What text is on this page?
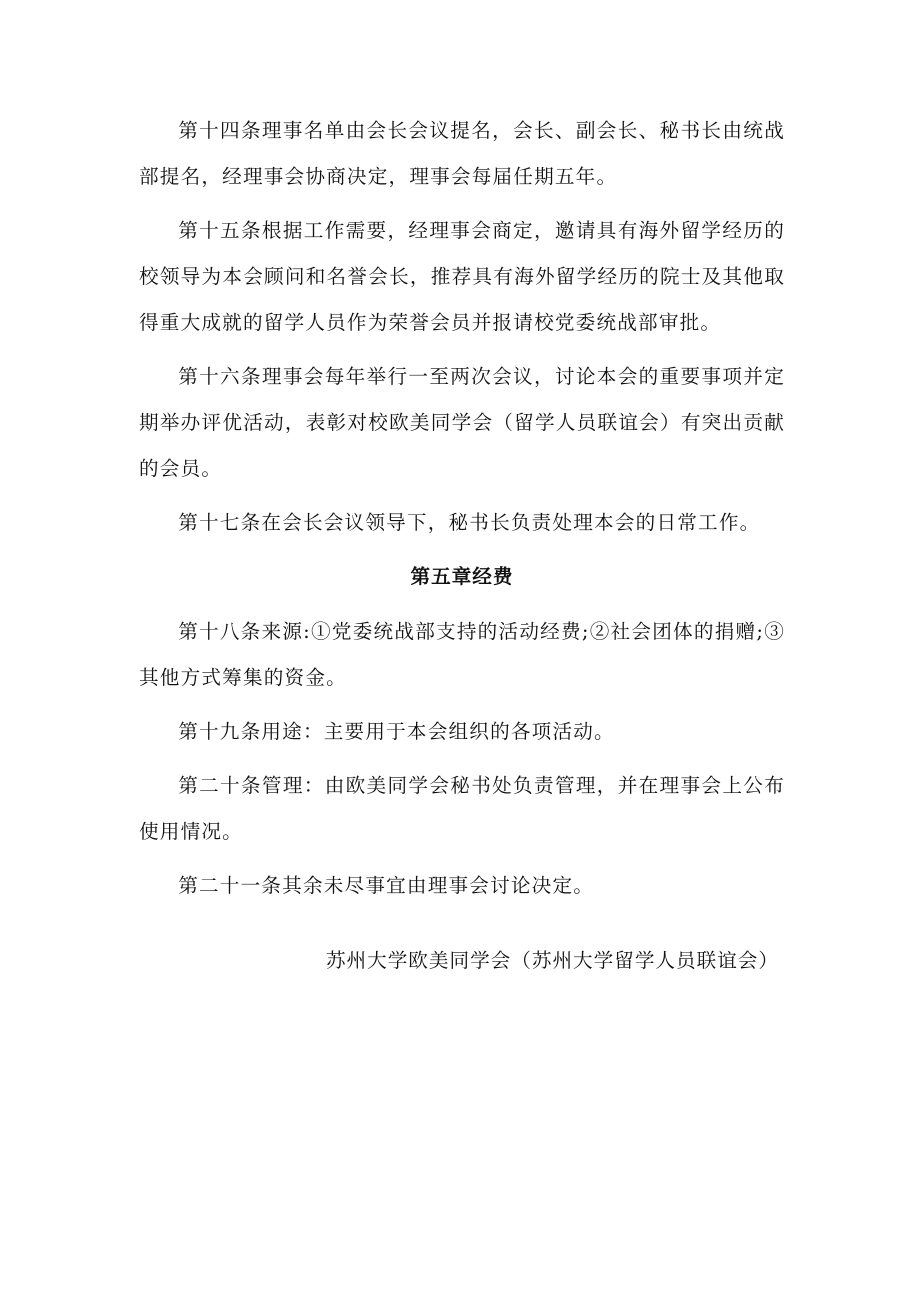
第十四条理事名单由会长会议提名，会长、副会长、秘书长由统战部提名，经理事会协商决定，理事会每届任期五年。

第十五条根据工作需要，经理事会商定，邀请具有海外留学经历的校领导为本会顾问和名誉会长，推荐具有海外留学经历的院士及其他取得重大成就的留学人员作为荣誉会员并报请校党委统战部审批。

第十六条理事会每年举行一至两次会议，讨论本会的重要事项并定期举办评优活动，表彰对校欧美同学会（留学人员联谊会）有突出贡献的会员。

第十七条在会长会议领导下，秘书长负责处理本会的日常工作。

第五章经费

第十八条来源:①党委统战部支持的活动经费;②社会团体的捐赠;③其他方式筹集的资金。

第十九条用途：主要用于本会组织的各项活动。

第二十条管理：由欧美同学会秘书处负责管理，并在理事会上公布使用情况。

第二十一条其余未尽事宜由理事会讨论决定。

苏州大学欧美同学会（苏州大学留学人员联谊会）
